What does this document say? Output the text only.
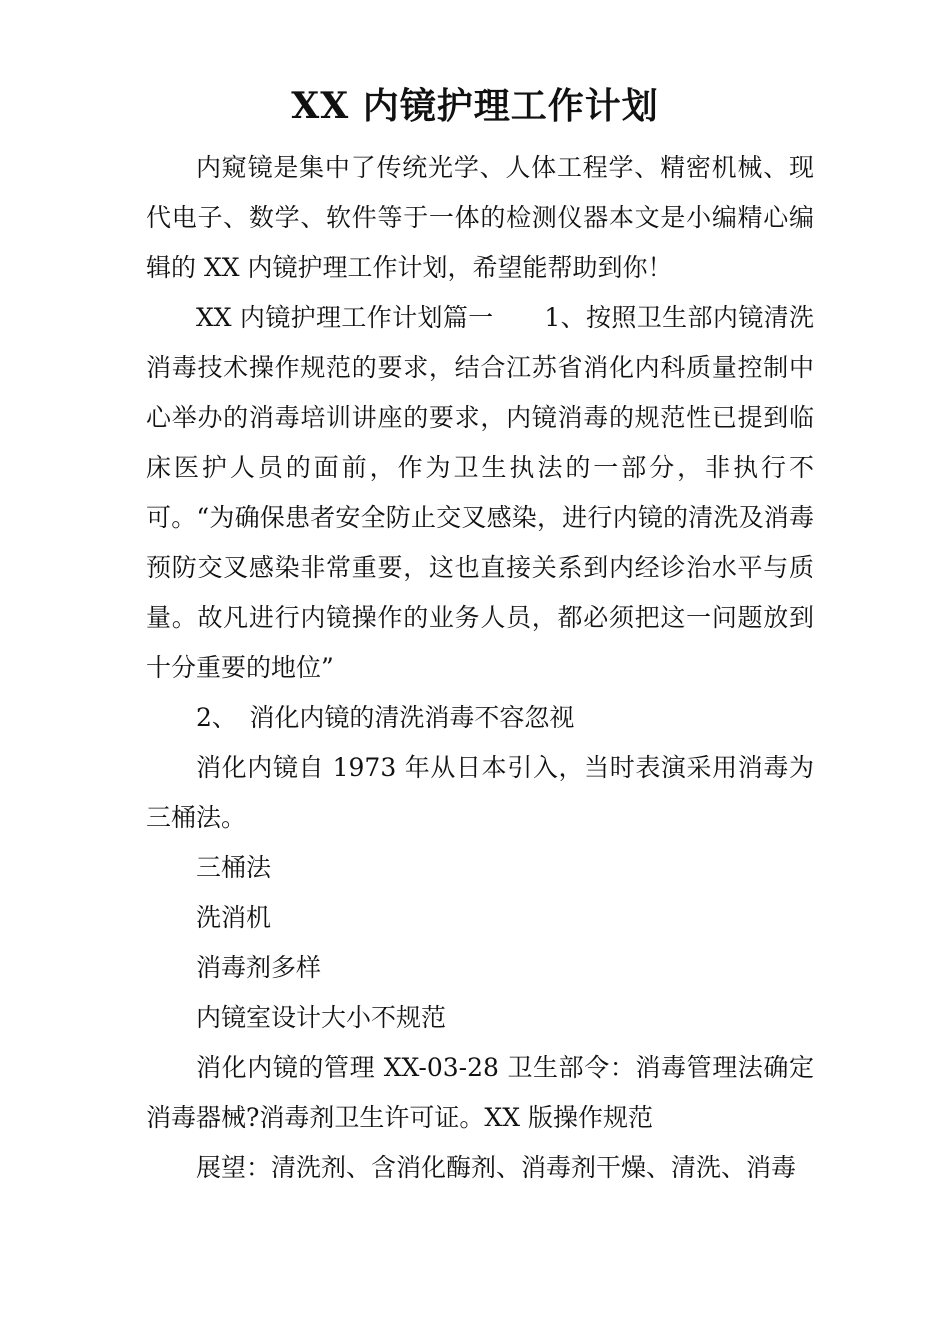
XX 内镜护理工作计划

内窥镜是集中了传统光学、人体工程学、精密机械、现代电子、数学、软件等于一体的检测仪器本文是小编精心编辑的 XX 内镜护理工作计划，希望能帮助到你！

XX 内镜护理工作计划篇一　　1、按照卫生部内镜清洗消毒技术操作规范的要求，结合江苏省消化内科质量控制中心举办的消毒培训讲座的要求，内镜消毒的规范性已提到临床医护人员的面前，作为卫生执法的一部分，非执行不可。“为确保患者安全防止交叉感染，进行内镜的清洗及消毒预防交叉感染非常重要，这也直接关系到内经诊治水平与质量。故凡进行内镜操作的业务人员，都必须把这一问题放到十分重要的地位”

2、　消化内镜的清洗消毒不容忽视

消化内镜自 1973 年从日本引入，当时表演采用消毒为三桶法。

三桶法

洗消机

消毒剂多样

内镜室设计大小不规范

消化内镜的管理 XX-03-28 卫生部令：消毒管理法确定消毒器械?消毒剂卫生许可证。XX 版操作规范

展望：清洗剂、含消化酶剂、消毒剂干燥、清洗、消毒
